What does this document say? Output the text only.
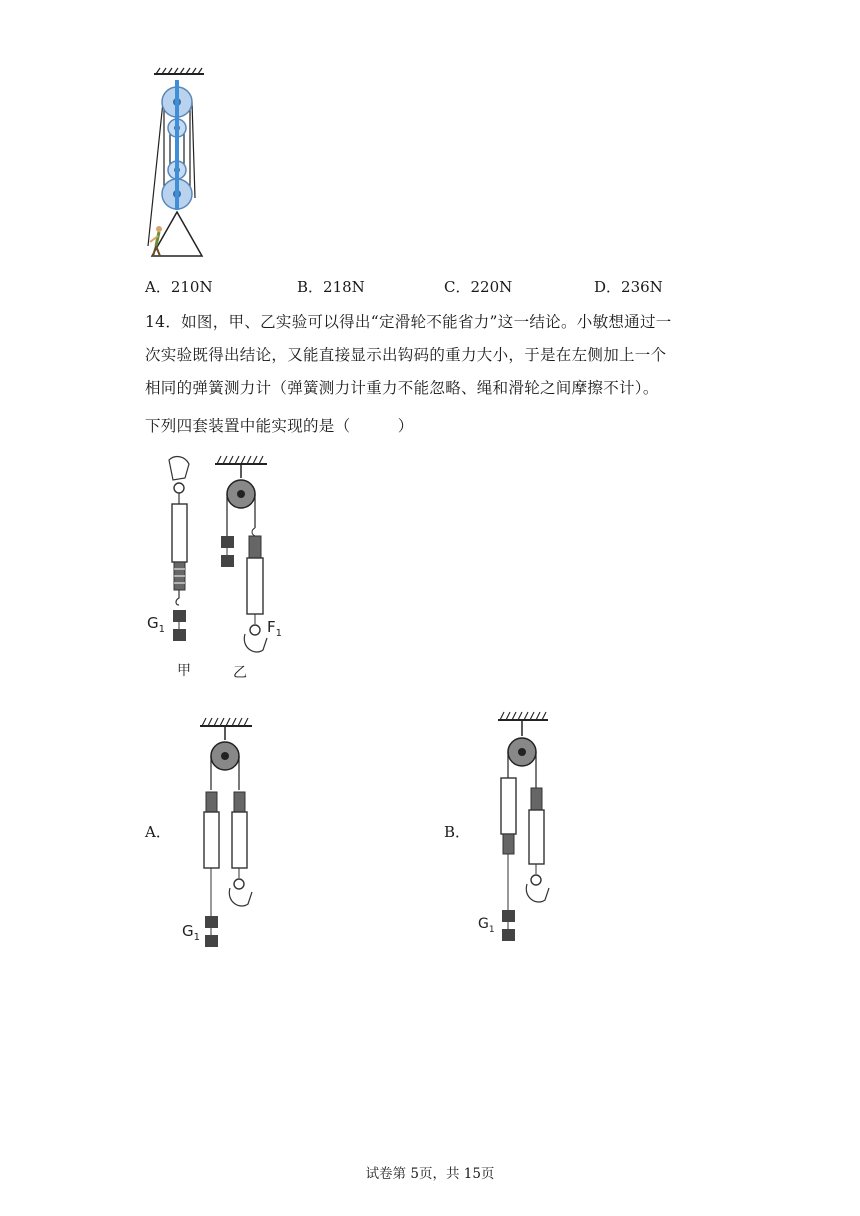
A．210N	B．218N	C．220N	D．236N
14．如图，甲、乙实验可以得出“定滑轮不能省力”这一结论。小敏想通过一
次实验既得出结论，又能直接显示出钩码的重力大小，于是在左侧加上一个
相同的弹簧测力计（弹簧测力计重力不能忽略、绳和滑轮之间摩擦不计）。
下列四套装置中能实现的是（　　　）
$G_1$	$F_1$
甲	乙
A．
$G_1$
B．
$G_1$
试卷第 5页，共 15页
